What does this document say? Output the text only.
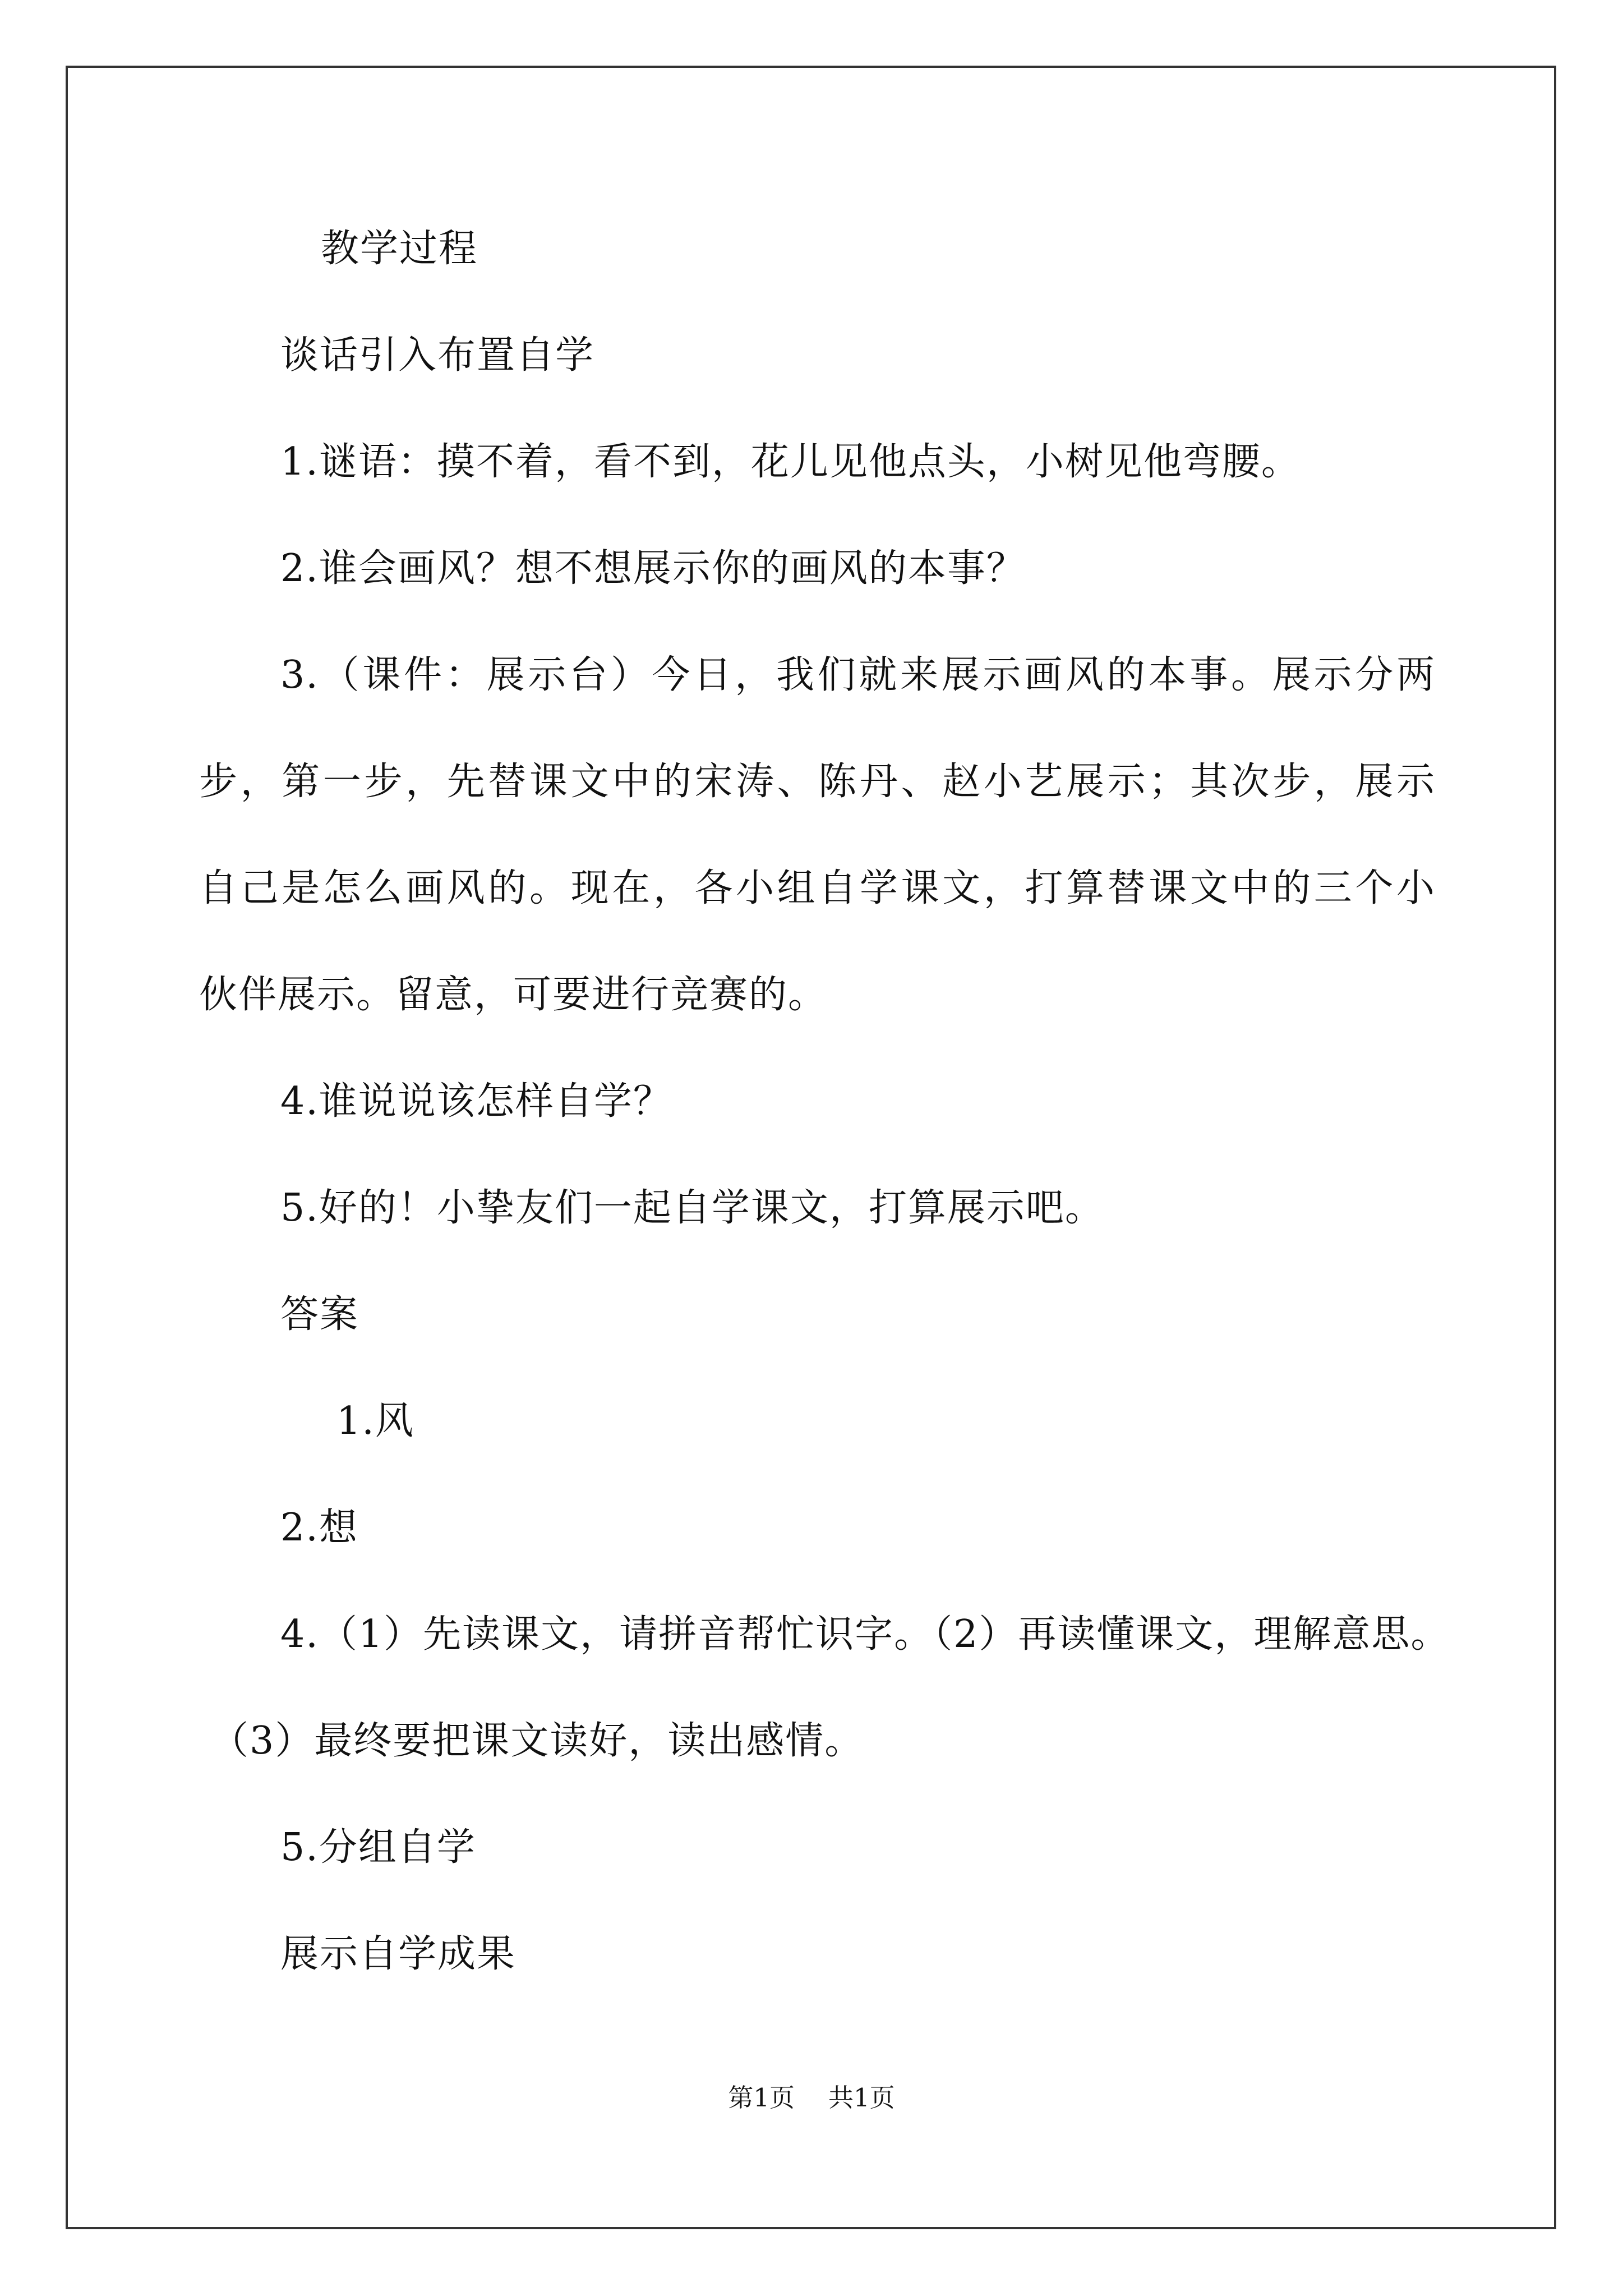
教学过程
谈话引入布置自学
1.谜语：摸不着，看不到，花儿见他点头，小树见他弯腰。
2.谁会画风？想不想展示你的画风的本事？
3.（课件：展示台）今日，我们就来展示画风的本事。展示分两
步，第一步，先替课文中的宋涛、陈丹、赵小艺展示；其次步，展示
自己是怎么画风的。现在，各小组自学课文，打算替课文中的三个小
伙伴展示。留意，可要进行竞赛的。
4.谁说说该怎样自学？
5.好的！小挚友们一起自学课文，打算展示吧。
答案
1.风
2.想
4.（1）先读课文，请拼音帮忙识字。（2）再读懂课文，理解意思。
（3）最终要把课文读好，读出感情。
5.分组自学
展示自学成果
第1页 共1页
